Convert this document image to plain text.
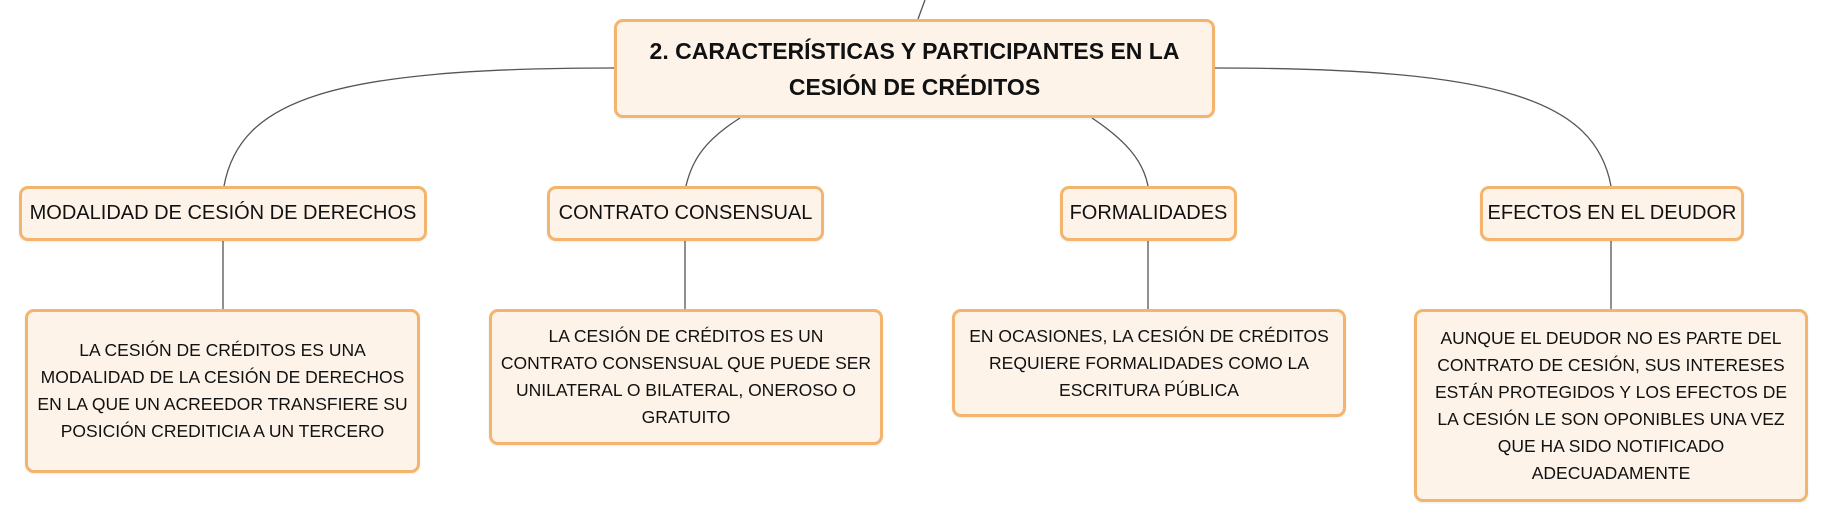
2. CARACTERÍSTICAS Y PARTICIPANTES EN LA CESIÓN DE CRÉDITOS
MODALIDAD DE CESIÓN DE DERECHOS	CONTRATO CONSENSUAL	FORMALIDADES	EFECTOS EN EL DEUDOR
LA CESIÓN DE CRÉDITOS ES UNA MODALIDAD DE LA CESIÓN DE DERECHOS EN LA QUE UN ACREEDOR TRANSFIERE SU POSICIÓN CREDITICIA A UN TERCERO
LA CESIÓN DE CRÉDITOS ES UN CONTRATO CONSENSUAL QUE PUEDE SER UNILATERAL O BILATERAL, ONEROSO O GRATUITO
EN OCASIONES, LA CESIÓN DE CRÉDITOS REQUIERE FORMALIDADES COMO LA ESCRITURA PÚBLICA
AUNQUE EL DEUDOR NO ES PARTE DEL CONTRATO DE CESIÓN, SUS INTERESES ESTÁN PROTEGIDOS Y LOS EFECTOS DE LA CESIÓN LE SON OPONIBLES UNA VEZ QUE HA SIDO NOTIFICADO ADECUADAMENTE
